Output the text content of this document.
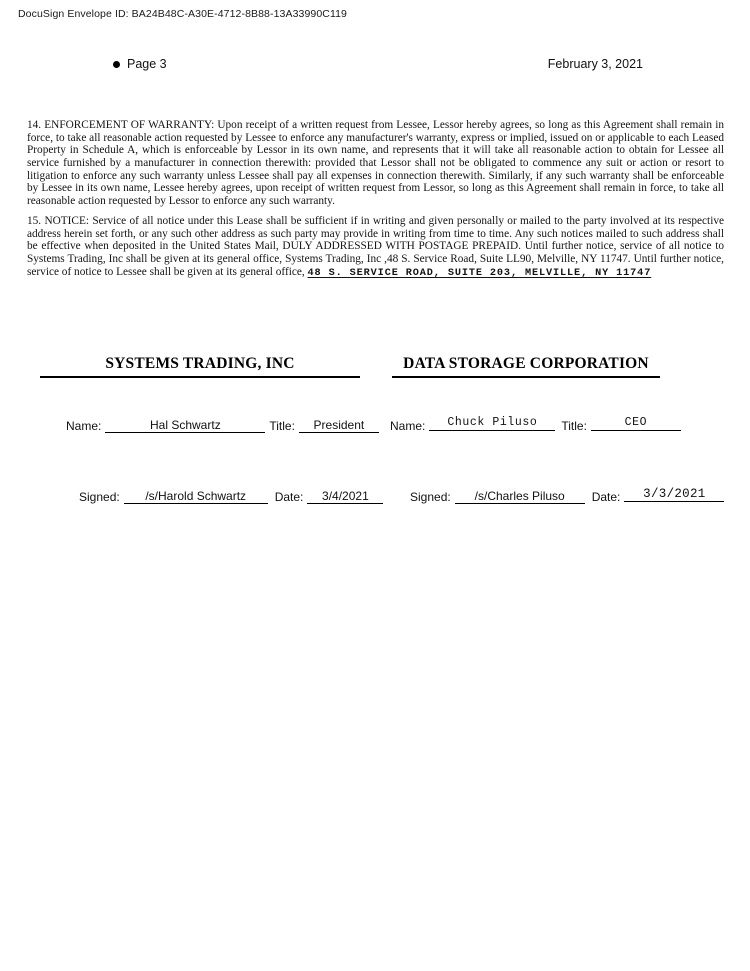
DocuSign Envelope ID: BA24B48C-A30E-4712-8B88-13A33990C119
Page 3	February 3, 2021

14. ENFORCEMENT OF WARRANTY: Upon receipt of a written request from Lessee, Lessor hereby agrees, so long as this Agreement shall remain in force, to take all reasonable action requested by Lessee to enforce any manufacturer's warranty, express or implied, issued on or applicable to each Leased Property in Schedule A, which is enforceable by Lessor in its own name, and represents that it will take all reasonable action to obtain for Lessee all service furnished by a manufacturer in connection therewith: provided that Lessor shall not be obligated to commence any suit or action or resort to litigation to enforce any such warranty unless Lessee shall pay all expenses in connection therewith. Similarly, if any such warranty shall be enforceable by Lessee in its own name, Lessee hereby agrees, upon receipt of written request from Lessor, so long as this Agreement shall remain in force, to take all reasonable action requested by Lessor to enforce any such warranty.

15. NOTICE: Service of all notice under this Lease shall be sufficient if in writing and given personally or mailed to the party involved at its respective address herein set forth, or any such other address as such party may provide in writing from time to time. Any such notices mailed to such address shall be effective when deposited in the United States Mail, DULY ADDRESSED WITH POSTAGE PREPAID. Until further notice, service of all notice to Systems Trading, Inc shall be given at its general office, Systems Trading, Inc ,48 S. Service Road, Suite LL90, Melville, NY 11747. Until further notice, service of notice to Lessee shall be given at its general office, 48 S. SERVICE ROAD, SUITE 203, MELVILLE, NY 11747

SYSTEMS TRADING, INC
Name:	Hal Schwartz	Title:	President
Signed:	/s/Harold Schwartz	Date:	3/4/2021
DATA STORAGE CORPORATION
Name:	Chuck Piluso	Title:	CEO
Signed:	/s/Charles Piluso	Date:	3/3/2021
